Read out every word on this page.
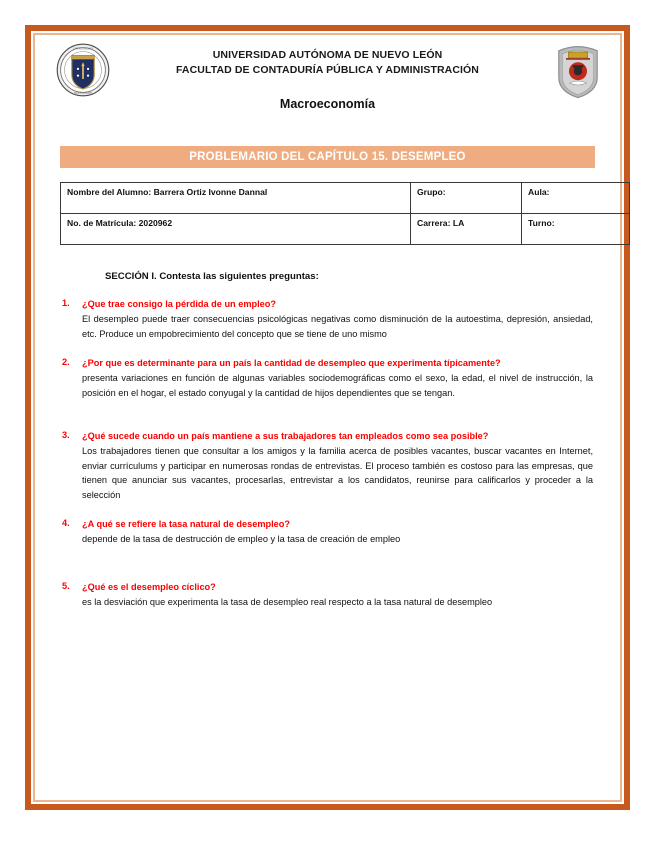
UNIVERSIDAD
NUEVO LEÓN
UNIVERSIDAD AUTÓNOMA DE NUEVO LEÓN
FACULTAD DE CONTADURÍA PÚBLICA Y ADMINISTRACIÓN
Macroeconomía
PROBLEMARIO DEL CAPÍTULO 15. DESEMPLEO
Nombre del Alumno: Barrera Ortiz Ivonne Dannal	Grupo:	Aula:
No. de Matrícula: 2020962	Carrera: LA	Turno:
SECCIÓN I. Contesta las siguientes preguntas:
1. ¿Que trae consigo la pérdida de un empleo?
El desempleo puede traer consecuencias psicológicas negativas como disminución de la autoestima, depresión, ansiedad, etc. Produce un empobrecimiento del concepto que se tiene de uno mismo
2. ¿Por que es determinante para un país la cantidad de desempleo que experimenta típicamente?
presenta variaciones en función de algunas variables sociodemográficas como el sexo, la edad, el nivel de instrucción, la posición en el hogar, el estado conyugal y la cantidad de hijos dependientes que se tengan.
3. ¿Qué sucede cuando un país mantiene a sus trabajadores tan empleados como sea posible?
Los trabajadores tienen que consultar a los amigos y la familia acerca de posibles vacantes, buscar vacantes en Internet, enviar currículums y participar en numerosas rondas de entrevistas. El proceso también es costoso para las empresas, que tienen que anunciar sus vacantes, procesarlas, entrevistar a los candidatos, reunirse para calificarlos y proceder a la selección
4. ¿A qué se refiere la tasa natural de desempleo?
depende de la tasa de destrucción de empleo y la tasa de creación de empleo
5. ¿Qué es el desempleo cíclico?
es la desviación que experimenta la tasa de desempleo real respecto a la tasa natural de desempleo
